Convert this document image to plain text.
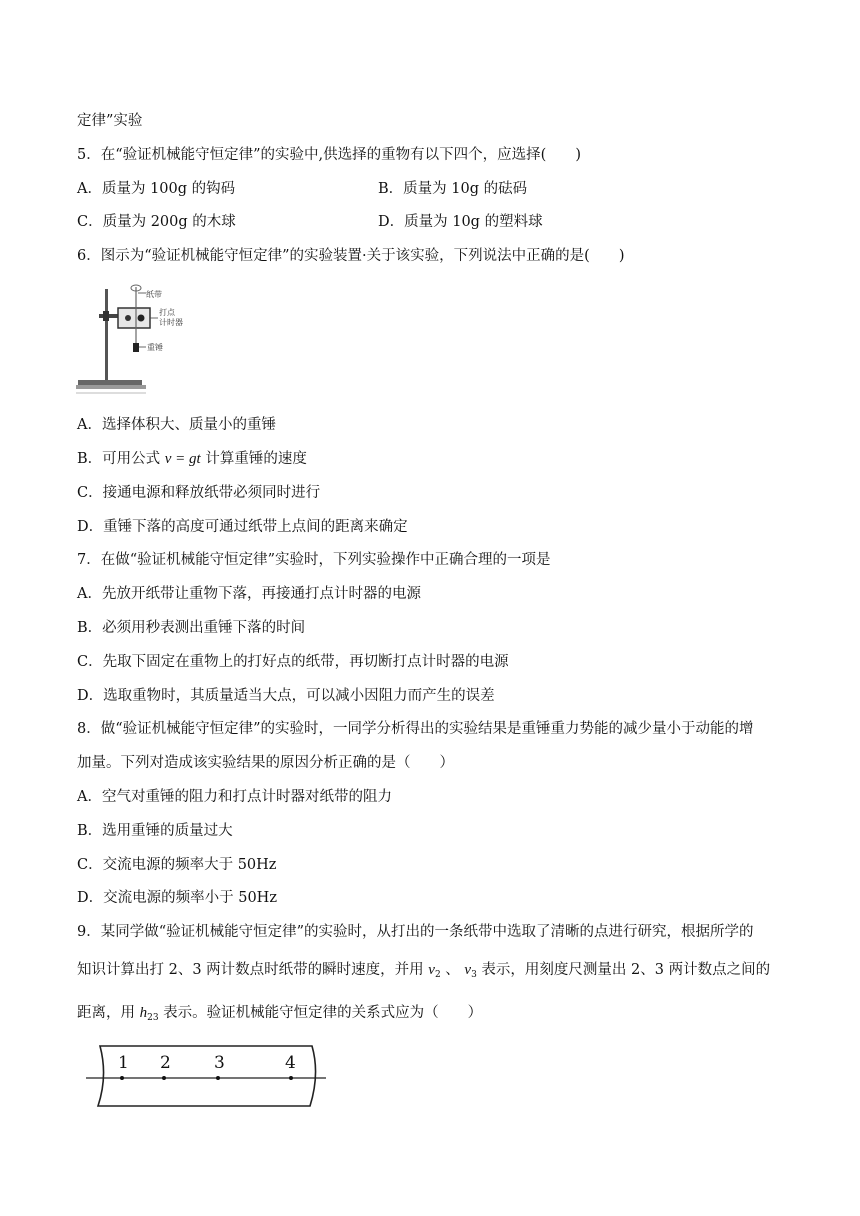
定律”实验
5．在“验证机械能守恒定律”的实验中,供选择的重物有以下四个，应选择(　　)
A．质量为 100g 的钩码	B．质量为 10g 的砝码
C．质量为 200g 的木球	D．质量为 10g 的塑料球
6．图示为“验证机械能守恒定律”的实验装置·关于该实验，下列说法中正确的是(　　)
纸带
打点
计时器
重锤
A．选择体积大、质量小的重锤
B．可用公式 v = gt 计算重锤的速度
C．接通电源和释放纸带必须同时进行
D．重锤下落的高度可通过纸带上点间的距离来确定
7．在做“验证机械能守恒定律”实验时，下列实验操作中正确合理的一项是
A．先放开纸带让重物下落，再接通打点计时器的电源
B．必须用秒表测出重锤下落的时间
C．先取下固定在重物上的打好点的纸带，再切断打点计时器的电源
D．选取重物时，其质量适当大点，可以减小因阻力而产生的误差
8．做“验证机械能守恒定律”的实验时，一同学分析得出的实验结果是重锤重力势能的减少量小于动能的增
加量。下列对造成该实验结果的原因分析正确的是（　　）
A．空气对重锤的阻力和打点计时器对纸带的阻力
B．选用重锤的质量过大
C．交流电源的频率大于 50Hz
D．交流电源的频率小于 50Hz
9．某同学做“验证机械能守恒定律”的实验时，从打出的一条纸带中选取了清晰的点进行研究，根据所学的
知识计算出打 2、3 两计数点时纸带的瞬时速度，并用 $v_2$ 、 $v_3$ 表示，用刻度尺测量出 2、3 两计数点之间的
距离，用 $h_{23}$ 表示。验证机械能守恒定律的关系式应为（　　）
1 2	3	4
